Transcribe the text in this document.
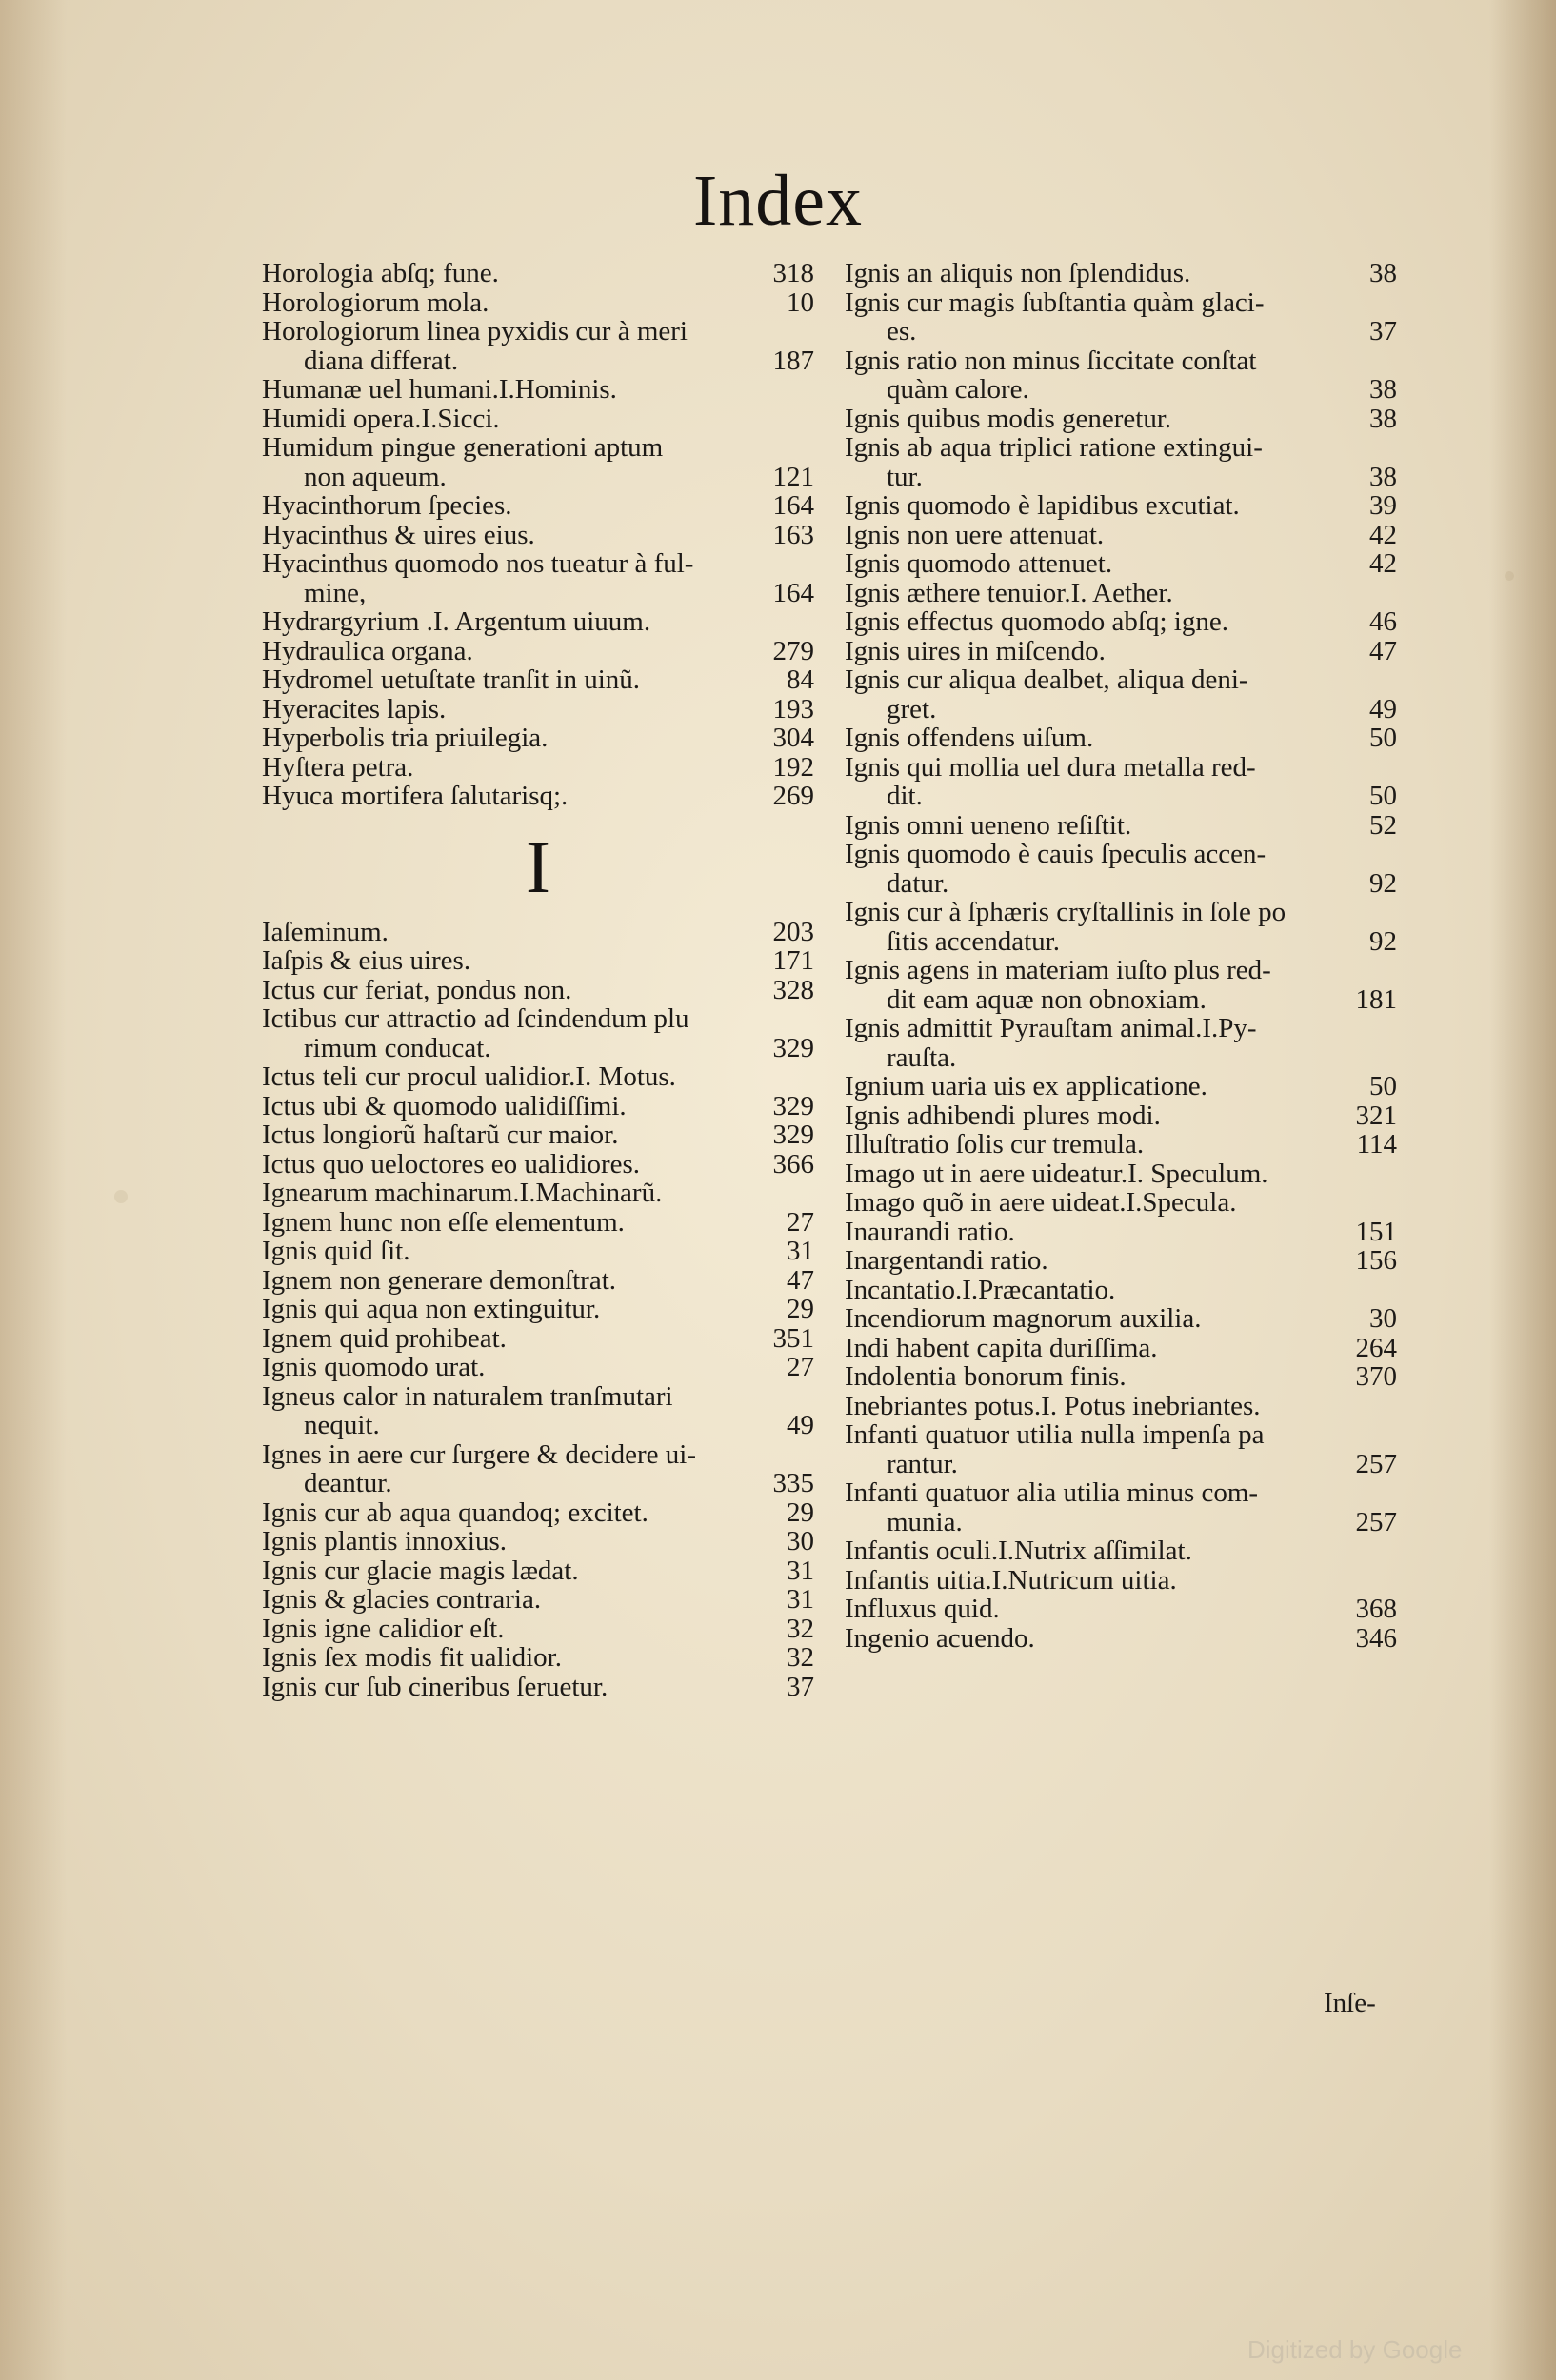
Index
Horologia abſq; fune.	318
Horologiorum mola.	10
Horologiorum linea pyxidis cur à meri
diana differat.	187
Humanæ uel humani.I.Hominis.
Humidi opera.I.Sicci.
Humidum pingue generationi aptum
non aqueum.	121
Hyacinthorum ſpecies.	164
Hyacinthus & uires eius.	163
Hyacinthus quomodo nos tueatur à ful-
mine,	164
Hydrargyrium .I. Argentum uiuum.
Hydraulica organa.	279
Hydromel uetuſtate tranſit in uinũ.	84
Hyeracites lapis.	193
Hyperbolis tria priuilegia.	304
Hyſtera petra.	192
Hyuca mortifera ſalutarisq;.	269
I
Iaſeminum.	203
Iaſpis & eius uires.	171
Ictus cur feriat, pondus non.	328
Ictibus cur attractio ad ſcindendum plu
rimum conducat.	329
Ictus teli cur procul ualidior.I. Motus.
Ictus ubi & quomodo ualidiſſimi.	329
Ictus longiorũ haſtarũ cur maior.	329
Ictus quo ueloctores eo ualidiores.	366
Ignearum machinarum.I.Machinarũ.
Ignem hunc non eſſe elementum.	27
Ignis quid ſit.	31
Ignem non generare demonſtrat.	47
Ignis qui aqua non extinguitur.	29
Ignem quid prohibeat.	351
Ignis quomodo urat.	27
Igneus calor in naturalem tranſmutari
nequit.	49
Ignes in aere cur ſurgere & decidere ui-
deantur.	335
Ignis cur ab aqua quandoq; excitet.	29
Ignis plantis innoxius.	30
Ignis cur glacie magis lædat.	31
Ignis & glacies contraria.	31
Ignis igne calidior eſt.	32
Ignis ſex modis fit ualidior.	32
Ignis cur ſub cineribus ſeruetur.	37
Ignis an aliquis non ſplendidus.	38
Ignis cur magis ſubſtantia quàm glaci-
es.	37
Ignis ratio non minus ſiccitate conſtat
quàm calore.	38
Ignis quibus modis generetur.	38
Ignis ab aqua triplici ratione extingui-
tur.	38
Ignis quomodo è lapidibus excutiat.	39
Ignis non uere attenuat.	42
Ignis quomodo attenuet.	42
Ignis æthere tenuior.I. Aether.
Ignis effectus quomodo abſq; igne.	46
Ignis uires in miſcendo.	47
Ignis cur aliqua dealbet, aliqua deni-
gret.	49
Ignis offendens uiſum.	50
Ignis qui mollia uel dura metalla red-
dit.	50
Ignis omni ueneno reſiſtit.	52
Ignis quomodo è cauis ſpeculis accen-
datur.	92
Ignis cur à ſphæris cryſtallinis in ſole po
ſitis accendatur.	92
Ignis agens in materiam iuſto plus red-
dit eam aquæ non obnoxiam.	181
Ignis admittit Pyrauſtam animal.I.Py-
rauſta.
Ignium uaria uis ex applicatione.	50
Ignis adhibendi plures modi.	321
Illuſtratio ſolis cur tremula.	114
Imago ut in aere uideatur.I. Speculum.
Imago quõ in aere uideat.I.Specula.
Inaurandi ratio.	151
Inargentandi ratio.	156
Incantatio.I.Præcantatio.
Incendiorum magnorum auxilia.	30
Indi habent capita duriſſima.	264
Indolentia bonorum finis.	370
Inebriantes potus.I. Potus inebriantes.
Infanti quatuor utilia nulla impenſa pa
rantur.	257
Infanti quatuor alia utilia minus com-
munia.	257
Infantis oculi.I.Nutrix aſſimilat.
Infantis uitia.I.Nutricum uitia.
Influxus quid.	368
Ingenio acuendo.	346
Inſe-
Digitized by Google
